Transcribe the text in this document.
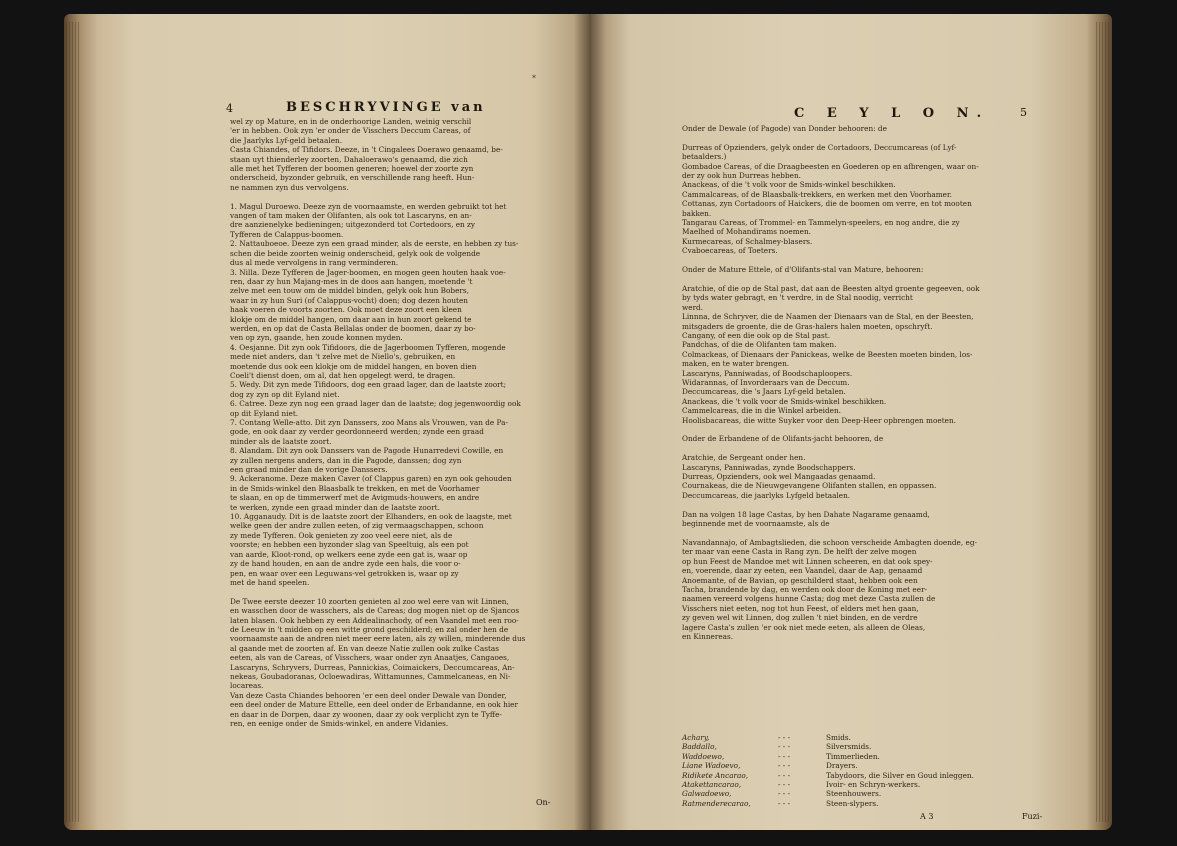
4	BESCHRYVINGE van
*
wel zy op Mature, en in de onderhoorige Landen, weinig verschil
'er in hebben. Ook zyn 'er onder de Visschers Deccum Careas, of
die Jaarlyks Lyf-geld betaalen.
Casta Chiandes, of Tifidors. Deeze, in 't Cingalees Doerawo genaamd, be-
staan uyt thienderley zoorten, Dahaloerawo's genaamd, die zich
alle met het Tyfferen der boomen generen; hoewel der zoorte zyn
onderscheid, byzonder gebruik, en verschillende rang heeft. Hun-
ne nammen zyn dus vervolgens.

1. Magul Duroewo. Deeze zyn de voornaamste, en werden gebruikt tot het
vangen of tam maken der Olifanten, als ook tot Lascaryns, en an-
dre aanzienelyke bedieningen; uitgezonderd tot Cortedoors, en zy
Tyfferen de Calappus-boomen.
2. Nattauboeoe. Deeze zyn een graad minder, als de eerste, en hebben zy tus-
schen die beide zoorten weinig onderscheid, gelyk ook de volgende
dus al mede vervolgens in rang verminderen.
3. Nilla. Deze Tyfferen de Jager-boomen, en mogen geen houten haak voe-
ren, daar zy hun Majang-mes in de doos aan hangen, moetende 't
zelve met een touw om de middel binden, gelyk ook hun Bobers,
waar in zy hun Suri (of Calappus-vocht) doen; dog dezen houten
haak voeren de voorts zoorten. Ook moet deze zoort een kleen
klokje om de middel hangen, om daar aan in hun zoort gekend te
werden, en op dat de Casta Bellalas onder de boomen, daar zy bo-
ven op zyn, gaande, hen zoude konnen myden.
4. Oesjanne. Dit zyn ook Tifidoors, die de Jagerboomen Tyfferen, mogende
mede niet anders, dan 't zelve met de Niello's, gebruiken, en
moetende dus ook een klokje om de middel hangen, en boven dien
Coeli't dienst doen, om al, dat hen opgelegt werd, te dragen.
5. Wedy. Dit zyn mede Tifidoors, dog een graad lager, dan de laatste zoort;
dog zy zyn op dit Eyland niet.
6. Catree. Deze zyn nog een graad lager dan de laatste; dog jegenwoordig ook
op dit Eyland niet.
7. Contang Welle-atto. Dit zyn Danssers, zoo Mans als Vrouwen, van de Pa-
gode, en ook daar zy verder geordonneerd werden; zynde een graad
minder als de laatste zoort.
8. Alandam. Dit zyn ook Danssers van de Pagode Hunarredevi Cowille, en
zy zullen nergens anders, dan in die Pagode, danssen; dog zyn
een graad minder dan de vorige Danssers.
9. Ackeranome. Deze maken Caver (of Clappus garen) en zyn ook gehouden
in de Smids-winkel den Blaasbalk te trekken, en met de Voorhamer
te slaan, en op de timmerwerf met de Avigmuds-houwers, en andre
te werken, zynde een graad minder dan de laatste zoort.
10. Agganaudy. Dit is de laatste zoort der Elhanders, en ook de laagste, met
welke geen der andre zullen eeten, of zig vermaagschappen, schoon
zy mede Tyfferen. Ook genieten zy zoo veel eere niet, als de
voorste; en hebben een byzonder slag van Speeltuig, als een pot
van aarde, Kloot-rond, op welkers eene zyde een gat is, waar op
zy de hand houden, en aan de andre zyde een hals, die voor o-
pen, en waar over een Leguwans-vel getrokken is, waar op zy
met de hand speelen.

De Twee eerste deezer 10 zoorten genieten al zoo wel eere van wit Linnen,
en wasschen door de wasschers, als de Careas; dog mogen niet op de Sjancos
laten blasen. Ook hebben zy een Addealinachody, of een Vaandel met een roo-
de Leeuw in 't midden op een witte grond geschilderd; en zal onder hen de
voornaamste aan de andren niet meer eere laten, als zy willen, minderende dus
al gaande met de zoorten af. En van deeze Natie zullen ook zulke Castas
eeten, als van de Careas, of Visschers, waar onder zyn Anaatjes, Cangaoes,
Lascaryns, Schryvers, Durreas, Pannickias, Coimaickers, Deccumcareas, An-
nekeas, Goubadoranas, Ocloewadiras, Wittamunnes, Cammelcaneas, en Ni-
locareas.
Van deze Casta Chiandes behooren 'er een deel onder Dewale van Donder,
een deel onder de Mature Ettelle, een deel onder de Erbandanne, en ook hier
en daar in de Dorpen, daar zy woonen, daar zy ook verplicht zyn te Tyffe-
ren, en eenige onder de Smids-winkel, en andere Vidanies.
On-
C E Y L O N.	5
Onder de Dewale (of Pagode) van Donder behooren: de

Durreas of Opzienders, gelyk onder de Cortadoors, Deccumcareas (of Lyf-
betaalders.)
Gombadoe Careas, of die Draagbeesten en Goederen op en afbrengen, waar on-
der zy ook hun Durreas hebben.
Anackeas, of die 't volk voor de Smids-winkel beschikken.
Cammalcareas, of de Blaasbalk-trekkers, en werken met den Voorhamer.
Cottanas, zyn Cortadoors of Haickers, die de boomen om verre, en tot mooten
bakken.
Tangarau Careas, of Trommel- en Tammelyn-speelers, en nog andre, die zy
Maelhed of Mohandirams noemen.
Kurmecareas, of Schalmey-blasers.
Cvaboecareas, of Toeters.

Onder de Mature Ettele, of d'Olifants-stal van Mature, behooren:

Aratchie, of die op de Stal past, dat aan de Beesten altyd groente gegeeven, ook
by tyds water gebragt, en 't verdre, in de Stal noodig, verricht
werd.
Linnna, de Schryver, die de Naamen der Dienaars van de Stal, en der Beesten,
mitsgaders de groente, die de Gras-halers halen moeten, opschryft.
Cangany, of een die ook op de Stal past.
Pandchas, of die de Olifanten tam maken.
Colmackeas, of Dienaars der Panickeas, welke de Beesten moeten binden, los-
maken, en te water brengen.
Lascaryns, Panniwadas, of Boodschaploopers.
Widarannas, of Invorderaars van de Deccum.
Deccumcareas, die 's Jaars Lyf-geld betalen.
Anackeas, die 't volk voor de Smids-winkel beschikken.
Cammelcareas, die in die Winkel arbeiden.
Hoolisbacareas, die witte Suyker voor den Deep-Heer opbrengen moeten.

Onder de Erbandene of de Olifants-jacht behooren, de

Aratchie, de Sergeant onder hen.
Lascaryns, Panniwadas, zynde Boodschappers.
Durreas, Opzienders, ook wel Mangaadas genaamd.
Cournakeas, die de Nieuwgevangene Olifanten stallen, en oppassen.
Deccumcareas, die jaarlyks Lyfgeld betaalen.

Dan na volgen 18 lage Castas, by hen Dahate Nagarame genaamd,
beginnende met de voornaamste, als de

Navandannajo, of Ambagtslieden, die schoon verscheide Ambagten doende, eg-
ter maar van eene Casta in Rang zyn. De helft der zelve mogen
op hun Feest de Mandoe met wit Linnen scheeren, en dat ook spey-
en, voerende, daar zy eeten, een Vaandel, daar de Aap, genaamd
Anoemante, of de Bavian, op geschilderd staat, hebben ook een
Tacha, brandende by dag, en werden ook door de Koning met eer-
naamen vereerd volgens hunne Casta; dog met deze Casta zullen de
Visschers niet eeten, nog tot hun Feest, of elders met hen gaan,
zy geven wel wit Linnen, dog zullen 't niet binden, en de verdre
lagere Casta's zullen 'er ook niet mede eeten, als alleen de Oleas,
en Kinnereas.
Achary,	- - -	Smids.
Baddallo,	- - -	Silversmids.
Waddoewo,	- - -	Timmerlieden.
Liane Wadoevo,	- - -	Drayers.
Ridikete Ancarao,	- - -	Tabydoors, die Silver en Goud inleggen.
Atakettancarao,	- - -	Ivoir- en Schryn-werkers.
Galwadoewo,	- - -	Steenhouwers.
Ratmenderecarao,	- - -	Steen-slypers.
A 3	Fuzi-
